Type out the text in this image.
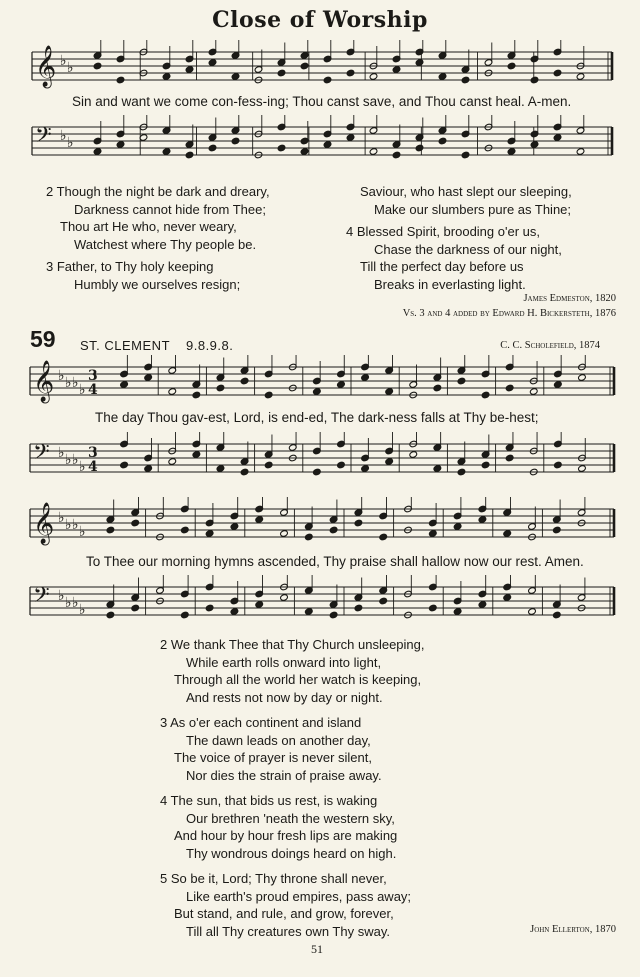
Close of Worship
𝄞 ♭ ♭
Sin and want we come con-fess-ing; Thou canst save, and Thou canst heal. A-men.
𝄢 ♭ ♭
2 Though the night be dark and dreary,
Darkness cannot hide from Thee;
Thou art He who, never weary,
Watchest where Thy people be.
3 Father, to Thy holy keeping
Humbly we ourselves resign;
Saviour, who hast slept our sleeping,
Make our slumbers pure as Thine;
4 Blessed Spirit, brooding o'er us,
Chase the darkness of our night,
Till the perfect day before us
Breaks in everlasting light.
James Edmeston, 1820
Vs. 3 and 4 added by Edward H. Bickersteth, 1876
59 ST. CLEMENT 9.8.9.8.	C. C. Scholefield, 1874
𝄞 ♭ ♭ ♭ ♭
3
4
The day Thou gav-est, Lord, is end-ed, The dark-ness falls at Thy be-hest;
𝄢 ♭ ♭ ♭ ♭
3
4
𝄞 ♭ ♭ ♭ ♭
To Thee our morning hymns ascended, Thy praise shall hallow now our rest. Amen.
𝄢 ♭ ♭ ♭ ♭
2 We thank Thee that Thy Church unsleeping,
While earth rolls onward into light,
Through all the world her watch is keeping,
And rests not now by day or night.
3 As o'er each continent and island
The dawn leads on another day,
The voice of prayer is never silent,
Nor dies the strain of praise away.
4 The sun, that bids us rest, is waking
Our brethren 'neath the western sky,
And hour by hour fresh lips are making
Thy wondrous doings heard on high.
5 So be it, Lord; Thy throne shall never,
Like earth's proud empires, pass away;
But stand, and rule, and grow, forever,
Till all Thy creatures own Thy sway.	John Ellerton, 1870
51
